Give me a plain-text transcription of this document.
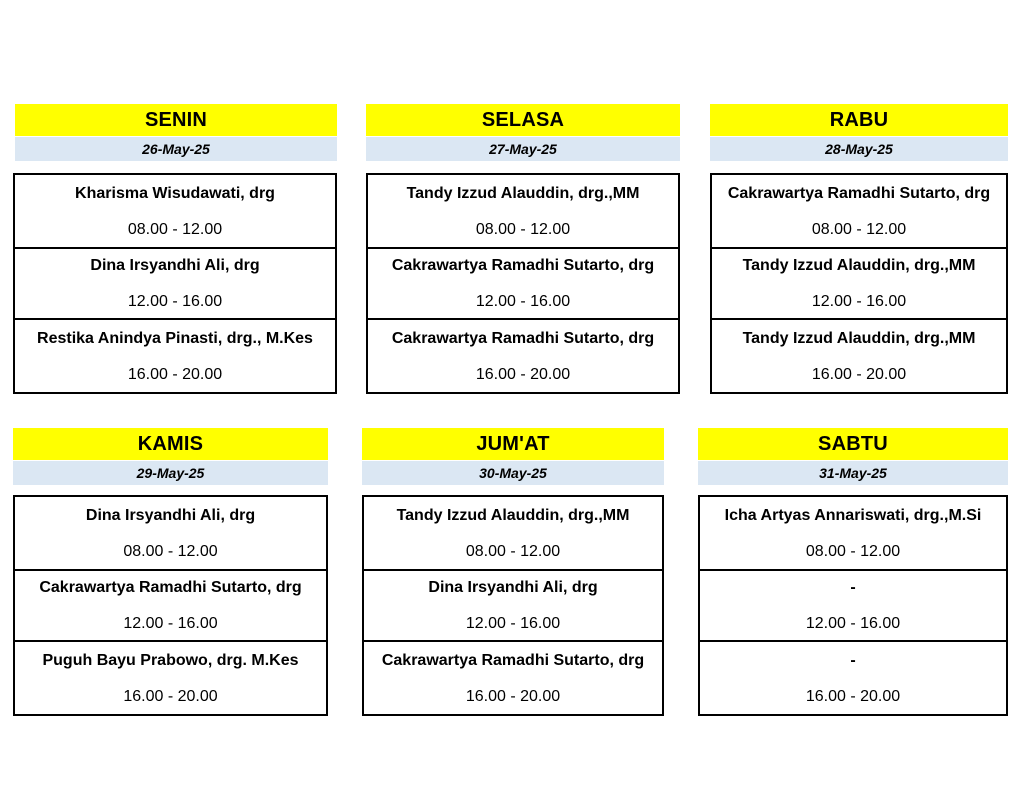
SENIN
26-May-25
Kharisma Wisudawati, drg
08.00 - 12.00
Dina Irsyandhi Ali, drg
12.00 - 16.00
Restika Anindya Pinasti, drg., M.Kes
16.00 - 20.00
SELASA
27-May-25
Tandy Izzud Alauddin, drg.,MM
08.00 - 12.00
Cakrawartya Ramadhi Sutarto, drg
12.00 - 16.00
Cakrawartya Ramadhi Sutarto, drg
16.00 - 20.00
RABU
28-May-25
Cakrawartya Ramadhi Sutarto, drg
08.00 - 12.00
Tandy Izzud Alauddin, drg.,MM
12.00 - 16.00
Tandy Izzud Alauddin, drg.,MM
16.00 - 20.00
KAMIS
29-May-25
Dina Irsyandhi Ali, drg
08.00 - 12.00
Cakrawartya Ramadhi Sutarto, drg
12.00 - 16.00
Puguh Bayu Prabowo, drg. M.Kes
16.00 - 20.00
JUM'AT
30-May-25
Tandy Izzud Alauddin, drg.,MM
08.00 - 12.00
Dina Irsyandhi Ali, drg
12.00 - 16.00
Cakrawartya Ramadhi Sutarto, drg
16.00 - 20.00
SABTU
31-May-25
Icha Artyas Annariswati, drg.,M.Si
08.00 - 12.00
-
12.00 - 16.00
-
16.00 - 20.00
